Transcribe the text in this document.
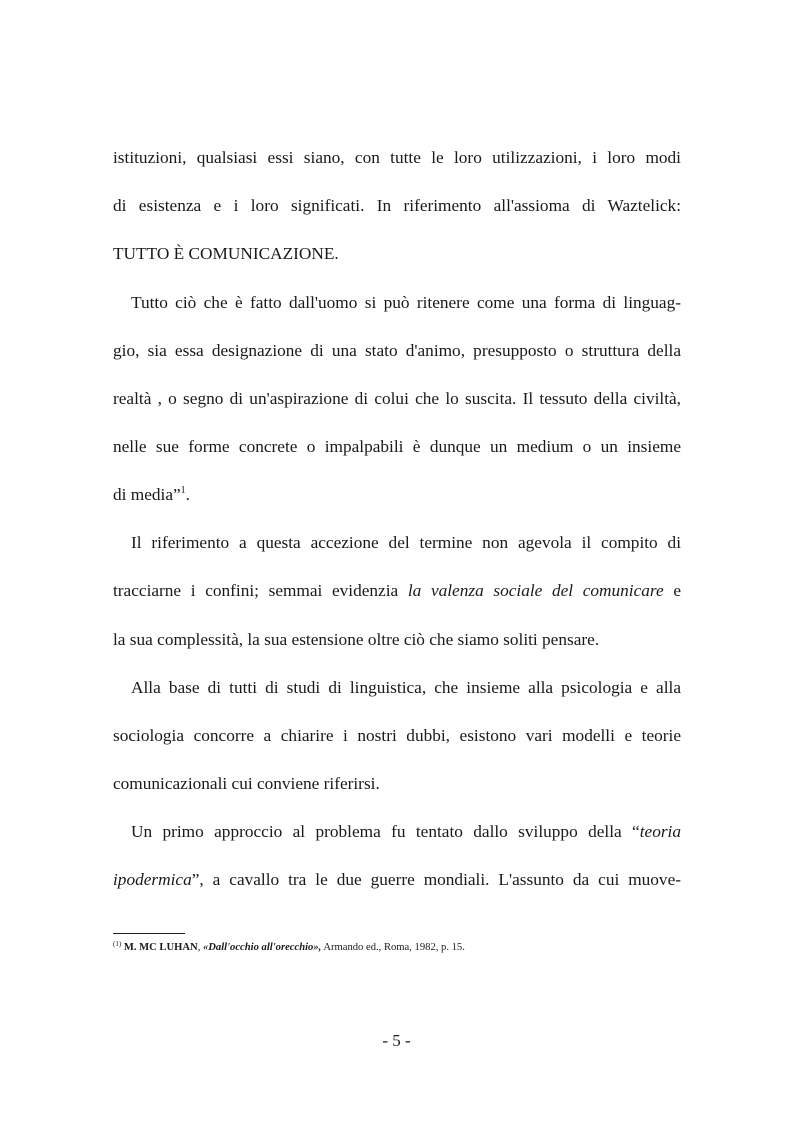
istituzioni, qualsiasi essi siano, con tutte le loro utilizzazioni, i loro modi
di esistenza e i loro significati. In riferimento all'assioma di Waztelick:
TUTTO È COMUNICAZIONE.
Tutto ciò che è fatto dall'uomo si può ritenere come una forma di linguag-
gio, sia essa designazione di una stato d'animo, presupposto o struttura della
realtà , o segno di un'aspirazione di colui che lo suscita. Il tessuto della civiltà,
nelle sue forme concrete o impalpabili è dunque un medium o un insieme
di media”$^1$.
Il riferimento a questa accezione del termine non agevola il compito di
tracciarne i confini; semmai evidenzia la valenza sociale del comunicare e
la sua complessità, la sua estensione oltre ciò che siamo soliti pensare.
Alla base di tutti di studi di linguistica, che insieme alla psicologia e alla
sociologia concorre a chiarire i nostri dubbi, esistono vari modelli e teorie
comunicazionali cui conviene riferirsi.
Un primo approccio al problema fu tentato dallo sviluppo della “teoria
ipodermica”, a cavallo tra le due guerre mondiali. L'assunto da cui muove-
$^{(1)}$ M. MC LUHAN, «Dall'occhio all'orecchio», Armando ed., Roma, 1982, p. 15.
- 5 -
